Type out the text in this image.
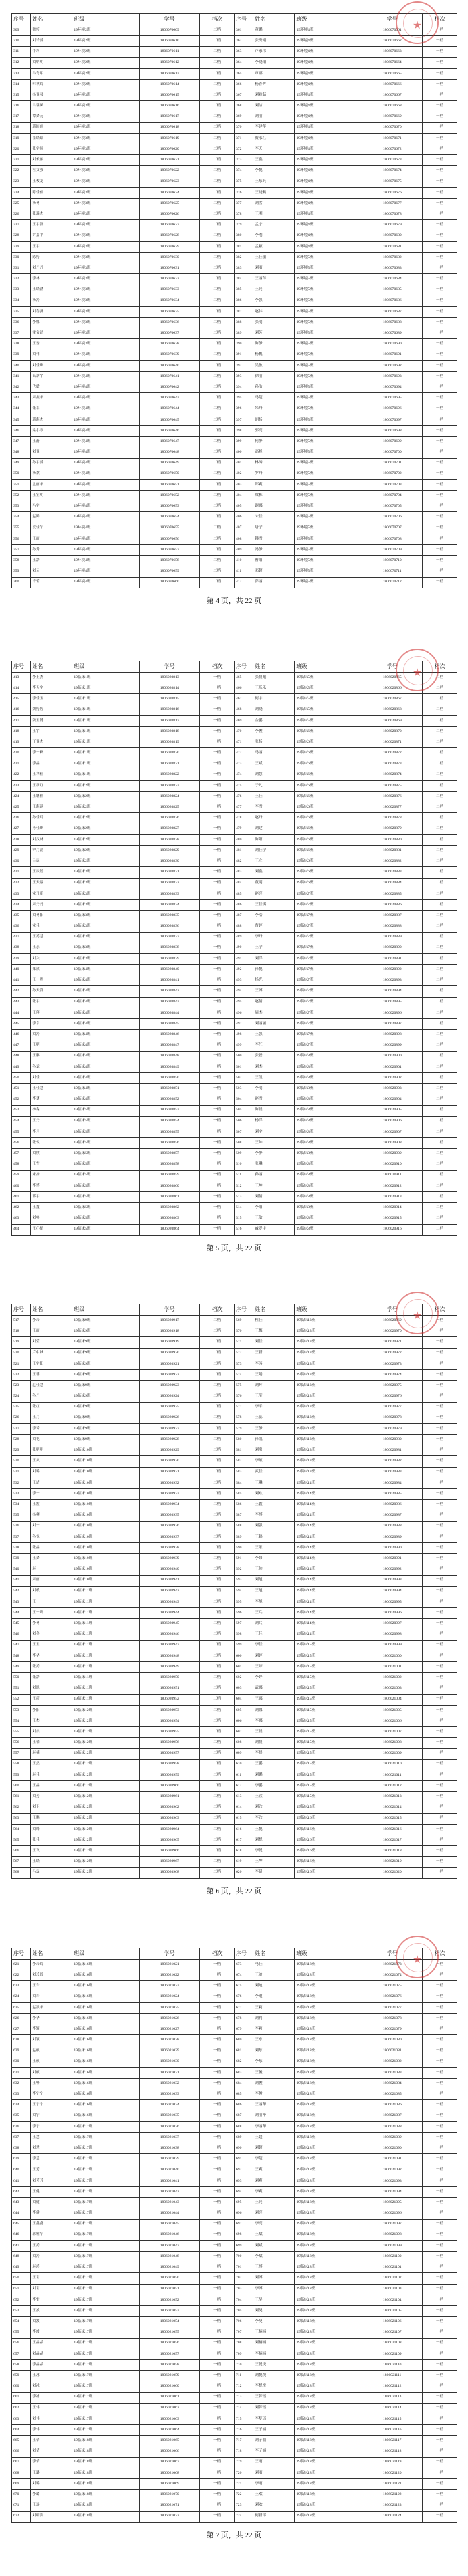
序号	姓名	班级	学号	档次	序号	姓名	班级	学号	档次
309	魏婷	19环境2班	1806070609	二档	361	董鹏	19环境4班	1806070661	一档
310	刘玲萍	19环境2班	1806070610	二档	362	张秀娟	19环境4班	1806070662	一档
311	牛莉	19环境2班	1806070611	二档	363	卢家伟	19环境4班	1806070663	一档
312	刘明明	19环境2班	1806070612	二档	364	李晓阳	19环境4班	1806070664	一档
313	马青甲	19环境2班	1806070613	二档	365	章娜	19环境4班	1806070665	一档
314	韩秋玲	19环境2班	1806070614	二档	366	杨春晖	19环境4班	1806070666	一档
315	杨亚琴	19环境3班	1806070615	二档	367	刘雅茹	19环境4班	1806070667	一档
316	吕瑞凤	19环境3班	1806070616	二档	368	刘洁	19环境4班	1806070668	一档
317	谭梦元	19环境3班	1806070617	二档	369	刘丽	19环境4班	1806070669	一档
318	郭国伟	19环境3班	1806070618	二档	370	李建华	19环境4班	1806070670	一档
319	崔晓瑞	19环境3班	1806070619	二档	371	贾永红	19环境4班	1806070671	一档
320	张学顺	19环境3班	1806070620	二档	372	李天	19环境4班	1806070672	一档
321	刘俊丽	19环境3班	1806070621	二档	373	王鑫	19环境4班	1806070673	一档
322	杜文强	19环境3班	1806070622	二档	374	李悦	19环境4班	1806070674	一档
323	王俊龙	19环境3班	1806070623	二档	375	王东亮	19环境4班	1806070675	一档
324	陈佳伟	19环境3班	1806070624	二档	376	王晓燕	19环境4班	1806070676	一档
325	杨冬	19环境3班	1806070625	二档	377	刘雪	19环境4班	1806070677	一档
326	张瑞杰	19环境3班	1806070626	二档	378	王刚	19环境4班	1806070678	一档
327	王宇泽	19环境3班	1806070627	二档	379	孟宁	19环境4班	1806070679	一档
328	尹嘉平	19环境3班	1806070628	二档	380	李刚	19环境4班	1806070680	一档
329	王宇	19环境3班	1806070629	二档	381	孟颖	19环境4班	1806070681	一档
330	陈婷	19环境3班	1806070630	二档	382	王佳丽	19环境5班	1806070682	一档
331	刘丹丹	19环境3班	1806070631	二档	383	刘雨	19环境5班	1806070683	一档
332	李林	19环境3班	1806070632	二档	384	王丽萍	19环境5班	1806070684	一档
333	王晓涵	19环境3班	1806070633	二档	385	王亮	19环境5班	1806070685	一档
334	杨涛	19环境3班	1806070634	二档	386	李强	19环境5班	1806070686	一档
335	刘春燕	19环境3班	1806070635	二档	387	赵伟	19环境5班	1806070687	一档
336	李娜	19环境3班	1806070636	二档	388	张明	19环境5班	1806070688	一档
337	霍文洁	19环境3班	1806070637	二档	389	刘芳	19环境5班	1806070689	一档
338	王磊	19环境3班	1806070638	二档	390	陈静	19环境5班	1806070690	一档
339	刘伟	19环境4班	1806070639	二档	391	杨帆	19环境5班	1806070691	一档
340	刘佳琪	19环境4班	1806070640	二档	392	吴敏	19环境5班	1806070692	一档
341	高新宇	19环境4班	1806070641	二档	393	徐丽	19环境5班	1806070693	一档
342	代敏	19环境4班	1806070642	二档	394	孙浩	19环境5班	1806070694	一档
343	周振华	19环境4班	1806070643	二档	395	马超	19环境5班	1806070695	一档
344	张军	19环境4班	1806070644	二档	396	朱丹	19环境5班	1806070696	一档
345	郭海杰	19环境4班	1806070645	二档	397	胡杨	19环境5班	1806070697	一档
346	梁小翠	19环境4班	1806070646	二档	398	郭亮	19环境5班	1806070698	一档
347	王静	19环境4班	1806070647	二档	399	何静	19环境5班	1806070699	一档
348	刘亚	19环境4班	1806070648	二档	400	高峰	19环境5班	1806070700	一档
349	孙宇萍	19环境4班	1806070649	二档	401	林涛	19环境5班	1806070701	一档
350	杨欢	19环境4班	1806070650	二档	402	罗丹	19环境5班	1806070702	一档
351	孟丽华	19环境4班	1806070651	二档	403	郑爽	19环境5班	1806070703	一档
352	王宝明	19环境4班	1806070652	二档	404	梁栋	19环境5班	1806070704	一档
353	冯宇	19环境4班	1806070653	二档	405	谢娜	19环境5班	1806070705	一档
354	赵腾	19环境4班	1806070654	二档	406	宋佳	19环境5班	1806070706	一档
355	段佳宁	19环境4班	1806070655	二档	407	唐宁	19环境5班	1806070707	一档
356	王丽	19环境4班	1806070656	二档	408	韩雪	19环境5班	1806070708	一档
357	孙秀	19环境4班	1806070657	二档	409	冯静	19环境5班	1806070709	一档
358	王浩	19环境4班	1806070658	二档	410	曹阳	19环境5班	1806070710	一档
359	刘云	19环境4班	1806070659	二档	411	邓超	19环境5班	1806070711	一档
360	许蕾	19环境4班	1806070660	二档	412	彭丽	19环境5班	1806070712	一档
★
第 4 页，共 22 页
序号	姓名	班级	学号	档次	序号	姓名	班级	学号	档次
413	李玉杰	19临床1班	1806020813	一档	465	张晨曦	19临床5班	1806020865	二档
414	李天宇	19临床1班	1806020814	一档	466	王乐乐	19临床5班	1806020866	二档
415	李佳玉	19临床1班	1806020815	一档	467	何宇	19临床5班	1806020867	二档
416	魏婷婷	19临床1班	1806020816	一档	468	刘晓	19临床5班	1806020868	二档
417	魏玉博	19临床1班	1806020817	一档	469	金鹏	19临床5班	1806020869	二档
418	王宇	19临床1班	1806020818	一档	470	李俊	19临床6班	1806020870	二档
419	丁亚杰	19临床1班	1806020819	一档	471	张杨	19临床6班	1806020871	二档
420	李一帆	19临床1班	1806020820	一档	472	马丽	19临床6班	1806020872	二档
421	李晶	19临床1班	1806020821	一档	473	王斌	19临床6班	1806020873	二档
422	王利佳	19临床1班	1806020822	一档	474	刘慧	19临床6班	1806020874	二档
423	王新红	19临床2班	1806020823	一档	475	于凡	19临床6班	1806020875	二档
424	王继伟	19临床2班	1806020824	一档	476	王佳	19临床6班	1806020876	二档
425	王海滨	19临床2班	1806020825	一档	477	李雪	19临床6班	1806020877	二档
426	孙佳玲	19临床2班	1806020826	一档	478	赵丹	19临床6班	1806020878	二档
427	孙佳琪	19临床2班	1806020827	一档	479	刘建	19临床6班	1806020879	二档
428	刘汉林	19临床2班	1806020828	一档	480	陈阳	19临床6班	1806020880	二档
429	钟月清	19临床2班	1806020829	一档	481	刘佳宁	19临床6班	1806020881	二档
430	吕辰	19临床2班	1806020830	一档	482	王立	19临床6班	1806020882	二档
431	王辰婷	19临床3班	1806020831	一档	483	刘鑫	19临床6班	1806020883	二档
432	王天翔	19临床3班	1806020832	一档	484	董明	19临床6班	1806020884	二档
433	宋开新	19临床3班	1806020833	一档	485	赵亮	19临床7班	1806020885	二档
434	周丹丹	19临床3班	1806020834	一档	486	王佳琪	19临床7班	1806020886	二档
435	刘冬阳	19临床3班	1806020835	一档	487	李浩	19临床7班	1806020887	二档
436	宋佳	19临床3班	1806020836	一档	488	曹婷	19临床7班	1806020888	二档
437	王苏慧	19临床3班	1806020837	一档	489	李丹	19临床7班	1806020889	二档
438	王乐	19临床3班	1806020838	一档	490	王宁	19临床7班	1806020890	二档
439	刘兴	19临床3班	1806020839	一档	491	刘洋	19临床7班	1806020891	二档
440	郑成	19临床4班	1806020840	一档	492	孙悦	19临床7班	1806020892	二档
441	王一鸣	19临床4班	1806020841	一档	493	杨光	19临床7班	1806020893	二档
442	孙天洋	19临床4班	1806020842	一档	494	王博	19临床7班	1806020894	二档
443	张宇	19临床4班	1806020843	一档	495	赵倩	19临床7班	1806020895	二档
444	王辉	19临床4班	1806020844	一档	496	周杰	19临床7班	1806020896	二档
445	李卓	19临床4班	1806020845	一档	497	刘丽丽	19临床7班	1806020897	二档
446	刘涛	19临床4班	1806020846	一档	498	王强	19临床7班	1806020898	二档
447	王明	19临床4班	1806020847	一档	499	李红	19临床7班	1806020899	二档
448	王鹏	19临床4班	1806020848	一档	500	张磊	19临床8班	1806020900	二档
449	孙斌	19临床4班	1806020849	一档	501	刘杰	19临床8班	1806020901	二档
450	刘佳	19临床4班	1806020850	一档	502	王凯	19临床8班	1806020902	二档
451	王佳慧	19临床4班	1806020851	一档	503	李明	19临床8班	1806020903	二档
452	李梦	19临床4班	1806020852	一档	504	赵雪	19临床8班	1806020904	二档
453	杨淼	19临床5班	1806020853	一档	505	陈晨	19临床8班	1806020905	二档
454	王丹	19临床5班	1806020854	一档	506	杨洋	19临床8班	1806020906	二档
455	李月	19临床5班	1806020855	一档	507	刘宇	19临床8班	1806020907	二档
456	张悦	19临床5班	1806020856	一档	508	王帅	19临床8班	1806020908	二档
457	刘欣	19临床5班	1806020857	一档	509	李静	19临床8班	1806020909	二档
458	王雪	19临床5班	1806020858	一档	510	张琳	19临床8班	1806020910	二档
459	宋扬	19临床5班	1806020859	一档	511	孙丽	19临床8班	1806020911	二档
460	李博	19临床5班	1806020860	一档	512	王坤	19临床8班	1806020912	二档
461	郭宇	19临床5班	1806020861	一档	513	刘倩	19临床8班	1806020913	二档
462	王鑫	19临床5班	1806020862	一档	514	李阳	19临床8班	1806020914	二档
463	刘畅	19临床5班	1806020863	一档	515	王敏	19临床8班	1806020915	二档
464	王心怡	19临床5班	1806020864	一档	516	戚爱宇	19临床8班	1806020916	二档
★
第 5 页，共 22 页
序号	姓名	班级	学号	档次	序号	姓名	班级	学号	档次
517	李玲	19临床9班	1806020917	二档	569	杜佳	19临床13班	1806020969	一档
518	王丽	19临床9班	1806020918	二档	570	王梅	19临床13班	1806020970	一档
519	刘莹	19临床9班	1806020919	二档	571	刘佳	19临床13班	1806020971	一档
520	卢中秋	19临床9班	1806020920	二档	572	王新	19临床13班	1806020972	一档
521	王宇阳	19临床9班	1806020921	二档	573	李涛	19临床13班	1806020973	一档
522	王菲	19临床9班	1806020922	二档	574	王娟	19临床13班	1806020974	一档
523	赵佳慧	19临床9班	1806020923	二档	575	刘辉	19临床13班	1806020975	一档
524	孙丹	19临床9班	1806020924	二档	576	王莹	19临床13班	1806020976	一档
525	张红	19临床9班	1806020925	二档	577	李平	19临床13班	1806020977	一档
526	王月	19临床9班	1806020926	二档	578	王蕊	19临床13班	1806020978	一档
527	李琦	19临床9班	1806020927	二档	579	王静	19临床13班	1806020979	一档
528	刘艳	19临床9班	1806020928	二档	580	孙凯	19临床13班	1806020980	一档
529	张明明	19临床10班	1806020929	二档	581	刘勇	19临床13班	1806020981	一档
530	王凤	19临床10班	1806020930	二档	582	李硕	19临床13班	1806020982	一档
531	刘璐	19临床10班	1806020931	二档	583	武佳	19临床13班	1806020983	一档
532	王洁	19临床10班	1806020932	二档	584	王琳	19临床14班	1806020984	一档
533	李一	19临床10班	1806020933	二档	585	刘欢	19临床14班	1806020985	一档
534	王霞	19临床10班	1806020934	二档	586	王鑫	19临床14班	1806020986	一档
535	杨柳	19临床10班	1806020935	二档	587	李博	19临床14班	1806020987	一档
536	刘一	19临床10班	1806020936	二档	588	刘强	19临床14班	1806020988	一档
537	孙悦	19临床10班	1806020937	二档	589	王鹤	19临床14班	1806020989	一档
538	张晶	19临床10班	1806020938	二档	590	王蒙	19临床14班	1806020990	一档
539	王梦	19临床10班	1806020939	二档	591	李昂	19临床14班	1806020991	一档
540	赵一	19临床10班	1806020940	二档	592	王帅	19临床14班	1806020992	一档
541	周丽	19临床10班	1806020941	二档	593	刘旭	19临床14班	1806020993	一档
542	刘敏	19临床11班	1806020942	二档	594	王旭	19临床14班	1806020994	一档
543	王一	19临床11班	1806020943	二档	595	李旭	19临床14班	1806020995	一档
544	王一鸣	19临床11班	1806020944	二档	596	王兵	19临床14班	1806020996	一档
545	李冬	19临床11班	1806020945	二档	597	刘兵	19临床14班	1806020997	一档
546	刘冬	19临床11班	1806020946	二档	598	王佳	19临床14班	1806020998	一档
547	王玉	19临床11班	1806020947	二档	599	李佳	19临床15班	1806020999	一档
548	李华	19临床11班	1806020948	二档	600	刘婷	19临床15班	1806021000	一档
549	张涛	19临床11班	1806020949	二档	601	王婷	19临床15班	1806021001	一档
550	张浩	19临床11班	1806020950	二档	602	李婷	19临床15班	1806021002	一档
551	刘凯	19临床11班	1806020951	二档	603	武娜	19临床15班	1806021003	一档
552	王超	19临床11班	1806020952	二档	604	王娜	19临床15班	1806021004	一档
553	李阳	19临床12班	1806020953	二档	605	刘娜	19临床15班	1806021005	一档
554	王杰	19临床12班	1806020954	二档	606	李娜	19临床15班	1806021006	一档
555	刘晨	19临床12班	1806020955	二档	607	王晨	19临床15班	1806021007	一档
556	王楠	19临床12班	1806020956	二档	608	刘晨	19临床15班	1806021008	一档
557	赵楠	19临床12班	1806020957	二档	609	李晨	19临床15班	1806021009	一档
558	王然	19临床12班	1806020958	二档	610	王鹏	19临床15班	1806021010	一档
559	赵佳	19临床12班	1806020959	二档	611	刘鹏	19临床15班	1806021011	一档
560	王晶	19临床12班	1806020960	二档	612	李鹏	19临床15班	1806021012	一档
561	刘芳	19临床12班	1806020961	二档	613	王欣	19临床15班	1806021013	一档
562	刘玉	19临床12班	1806020962	二档	614	刘欣	19临床15班	1806021014	一档
563	王鹏	19临床12班	1806020963	二档	615	李欣	19临床16班	1806021015	一档
564	刘峰	19临床12班	1806020964	二档	616	王悦	19临床16班	1806021016	一档
565	张佳	19临床12班	1806020965	二档	617	刘悦	19临床16班	1806021017	一档
566	王飞	19临床12班	1806020966	二档	618	李悦	19临床16班	1806021018	一档
567	王晓	19临床12班	1806020967	二档	619	王坤	19临床16班	1806021019	一档
568	马磊	19临床12班	1806020968	二档	620	李贤	19临床16班	1806021020	一档
★
第 6 页，共 22 页
序号	姓名	班级	学号	档次	序号	姓名	班级	学号	档次
621	李玲玲	19临床16班	1806021021	一档	673	马佳	19临床18班	1806021073	一档
622	刘玲玲	19临床16班	1806021022	一档	674	王迪	19临床18班	1806021074	一档
623	王岩	19临床16班	1806021023	一档	675	刘迪	19临床18班	1806021075	一档
624	刘岩	19临床16班	1806021024	一档	676	李迪	19临床18班	1806021076	一档
625	赵凯华	19临床16班	1806021025	一档	677	王莉	19临床18班	1806021077	一档
626	李华	19临床16班	1806021026	一档	678	刘莉	19临床18班	1806021078	一档
627	李颖	19临床16班	1806021027	一档	679	李莉	19临床18班	1806021079	一档
628	刘颖	19临床16班	1806021028	一档	680	王东	19临床18班	1806021080	一档
629	赵硕	19临床16班	1806021029	一档	681	刘东	19临床18班	1806021081	一档
630	王硕	19临床16班	1806021030	一档	682	李东	19临床18班	1806021082	一档
631	刘硕	19临床16班	1806021031	一档	683	王俊	19临床18班	1806021083	一档
632	王畅	19临床16班	1806021032	一档	684	刘俊	19临床18班	1806021084	一档
633	李宁宁	19临床16班	1806021033	一档	685	李俊	19临床18班	1806021085	一档
634	王宁宁	19临床16班	1806021034	一档	686	王丽华	19临床18班	1806021086	一档
635	刘宁	19临床16班	1806021035	一档	687	刘丽华	19临床18班	1806021087	一档
636	李宁	19临床17班	1806021036	一档	688	李丽华	19临床18班	1806021088	一档
637	王慧	19临床17班	1806021037	一档	689	王超	19临床18班	1806021089	一档
638	刘慧	19临床17班	1806021038	一档	690	刘超	19临床18班	1806021090	一档
639	李慧	19临床17班	1806021039	一档	691	李超	19临床18班	1806021091	一档
640	王芳	19临床17班	1806021040	一档	692	王爽	19临床18班	1806021092	一档
641	刘芳芳	19临床17班	1806021041	一档	693	刘爽	19临床18班	1806021093	一档
642	王健	19临床17班	1806021042	一档	694	李爽	19临床18班	1806021094	一档
643	刘健	19临床17班	1806021043	一档	695	王亮	19临床18班	1806021095	一档
644	李健	19临床17班	1806021044	一档	696	刘亮	19临床18班	1806021096	一档
645	王鑫鑫	19临床17班	1806021045	一档	697	李亮	19临床18班	1806021097	一档
646	郭雅宁	19临床17班	1806021046	一档	698	王斌	19临床18班	1806021098	一档
647	王涛	19临床17班	1806021047	一档	699	刘斌	19临床18班	1806021099	一档
648	刘涛	19临床17班	1806021048	一档	700	李斌	19临床18班	1806021100	一档
649	赵涛	19临床17班	1806021049	一档	701	王博	19临床18班	1806021101	一档
650	王雷	19临床17班	1806021050	一档	702	刘博	19临床18班	1806021102	一档
651	刘雷	19临床17班	1806021051	一档	703	李博	19临床18班	1806021103	一档
652	李雷	19临床17班	1806021052	一档	704	王昊	19临床18班	1806021104	一档
653	王波	19临床17班	1806021053	一档	705	刘昊	19临床18班	1806021105	一档
654	刘波	19临床17班	1806021054	一档	706	李昊	19临床18班	1806021106	一档
655	李波	19临床17班	1806021055	一档	707	王楠楠	19临床18班	1806021107	一档
656	王晶晶	19临床17班	1806021056	一档	708	刘楠楠	19临床18班	1806021108	一档
657	刘晶晶	19临床17班	1806021057	一档	709	李楠楠	19临床18班	1806021109	一档
658	李晶晶	19临床17班	1806021058	一档	710	王悦悦	19临床18班	1806021110	一档
659	王冰	19临床17班	1806021059	一档	711	刘悦悦	19临床18班	1806021111	一档
660	刘冰	19临床17班	1806021060	一档	712	李悦悦	19临床18班	1806021112	一档
661	李冰	19临床17班	1806021061	一档	713	王梦瑶	19临床18班	1806021113	一档
662	王伟	19临床17班	1806021062	一档	714	刘梦瑶	19临床18班	1806021114	一档
663	刘伟	19临床17班	1806021063	一档	715	李梦瑶	19临床18班	1806021115	一档
664	李伟	19临床17班	1806021064	一档	716	王子涵	19临床18班	1806021116	一档
665	王倩	19临床18班	1806021065	一档	717	刘子涵	19临床18班	1806021117	一档
666	刘倩	19临床18班	1806021066	一档	718	李子涵	19临床18班	1806021118	一档
667	李倩	19临床18班	1806021067	一档	719	王雨	19临床18班	1806021119	一档
668	王璐	19临床18班	1806021068	一档	720	刘雨	19临床18班	1806021120	一档
669	刘璐	19临床18班	1806021069	一档	721	李雨	19临床18班	1806021121	一档
670	李璐	19临床18班	1806021070	一档	722	王欢	19临床18班	1806021122	一档
671	王瑶	19临床18班	1806021071	一档	723	刘欢	19临床18班	1806021123	一档
672	刘明贺	19临床18班	1806021072	一档	724	何新郡	19临床18班	1806021124	一档
★
第 7 页，共 22 页
